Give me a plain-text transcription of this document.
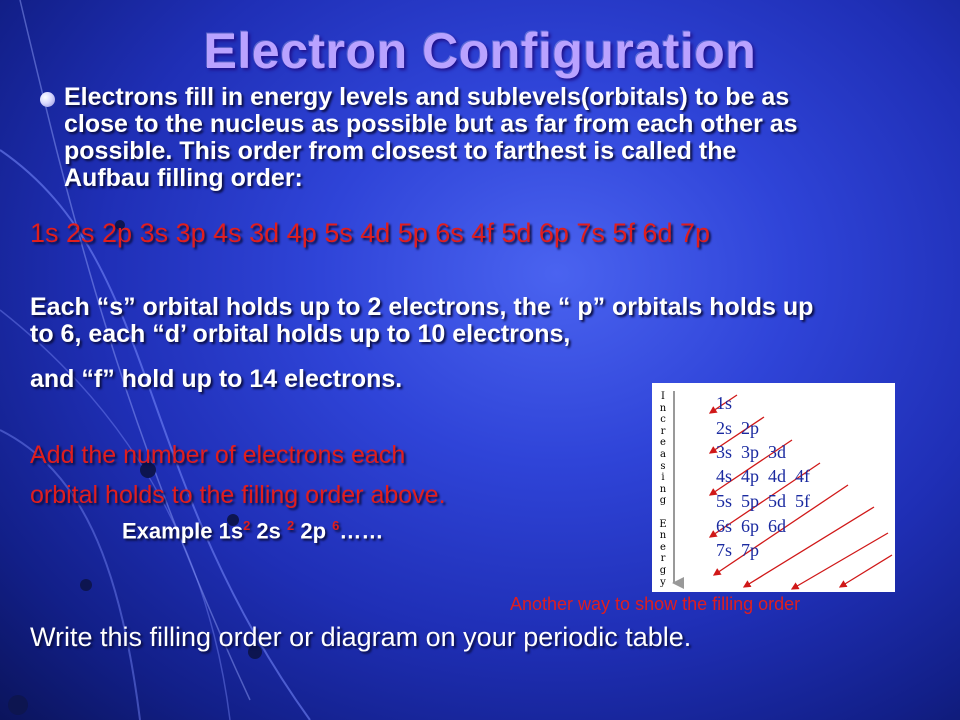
Electron Configuration
Electrons fill in energy levels and sublevels(orbitals) to be as
close to the nucleus as possible but as far from each other as
possible. This order from closest to farthest is called the
Aufbau filling order:
1s 2s 2p 3s 3p 4s 3d 4p 5s 4d 5p 6s 4f 5d 6p 7s 5f 6d 7p
Each “s” orbital holds up to 2 electrons, the “ p” orbitals holds up
to 6, each “d’ orbital holds up to 10 electrons,
and “f” hold up to 14 electrons.
Add the number of electrons each
orbital holds to the filling order above.
Example $1s^2$ 2s $^2$ 2p $^6$……
I
n
c
r
e
a
s
i
n
g

E
n
e
r
g
y
1s
2s  2p
3s  3p  3d
4s  4p  4d  4f
5s  5p  5d  5f
6s  6p  6d
7s  7p
Another way to show the filling order
Write this filling order or diagram on your periodic table.
